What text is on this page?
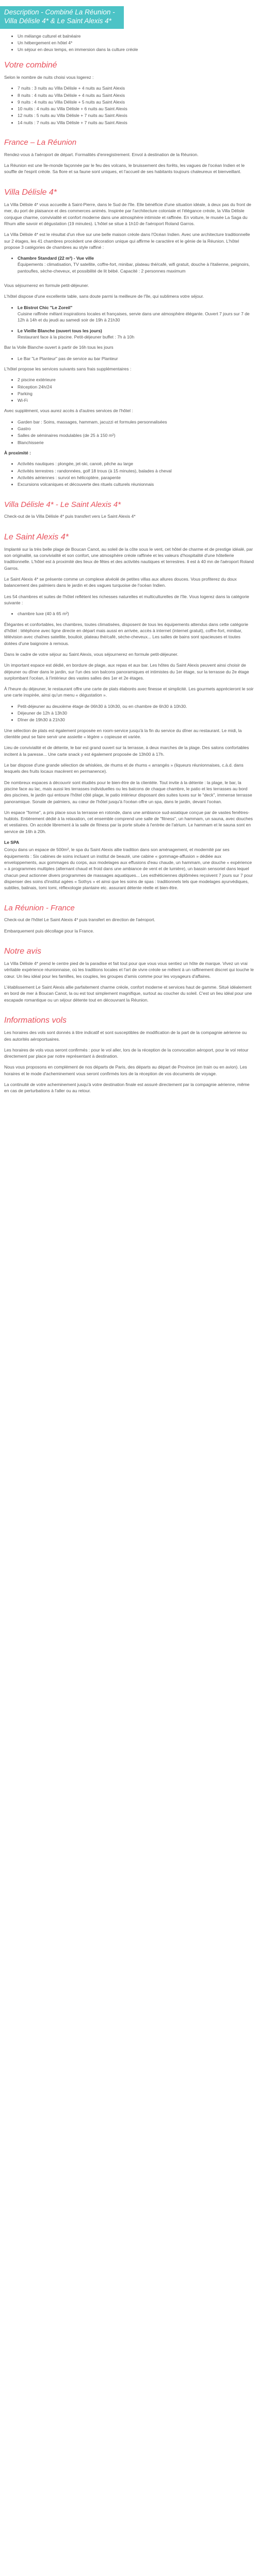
Description - Combiné La Réunion - Villa Délisle 4* & Le Saint Alexis 4*
• Un mélange culturel et balnéaire
• Un hébergement en hôtel 4*
• Un séjour en deux temps, en immersion dans la culture créole
Votre combiné

Selon le nombre de nuits choisi vous logerez :

• 7 nuits : 3 nuits au Villa Délisle + 4 nuits au Saint Alexis
• 8 nuits : 4 nuits au Villa Délisle + 4 nuits au Saint Alexis
• 9 nuits : 4 nuits au Villa Délisle + 5 nuits au Saint Alexis
• 10 nuits : 4 nuits au Villa Délisle + 6 nuits au Saint Alexis
• 12 nuits : 5 nuits au Villa Délisle + 7 nuits au Saint Alexis
• 14 nuits : 7 nuits au Villa Délisle + 7 nuits au Saint Alexis
France – La Réunion

Rendez-vous à l'aéroport de départ. Formalités d'enregistrement. Envol à destination de la Réunion.

La Réunion est une île-monde façonnée par le feu des volcans, le bruissement des forêts, les vagues de l'océan Indien et le souffle de l'esprit créole. Sa flore et sa faune sont uniques, et l'accueil de ses habitants toujours chaleureux et bienveillant.

Villa Délisle 4*

La Villa Délisle 4* vous accueille à Saint-Pierre, dans le Sud de l'île. Elle bénéficie d'une situation idéale, à deux pas du front de mer, du port de plaisance et des commerces animés. Inspirée par l'architecture coloniale et l'élégance créole, la Villa Délisle conjugue charme, convivialité et confort moderne dans une atmosphère intimiste et raffinée. En voiture, le musée La Saga du Rhum allie savoir et dégustation (19 minutes). L'hôtel se situe à 1h10 de l'aéroport Roland Garros.

La Villa Délisle 4* est le résultat d'un rêve sur une belle maison créole dans l'Océan Indien. Avec une architecture traditionnelle sur 2 étages, les 41 chambres procèdent une décoration unique qui affirme le caractère et le génie de la Réunion. L'hôtel propose 3 catégories de chambres au style raffiné :

• Chambre Standard (22 m²) - Vue ville
Équipements : climatisation, TV satellite, coffre-fort, minibar, plateau thé/café, wifi gratuit, douche à l'italienne, peignoirs, pantoufles, sèche-cheveux, et possibilité de lit bébé. Capacité : 2 personnes maximum

Vous séjournerez en formule petit-déjeuner.

L'hôtel dispose d'une excellente table, sans doute parmi la meilleure de l'île, qui sublimera votre séjour.

• Le Bistrot Chic "Le Zoreil"
Cuisine raffinée mêlant inspirations locales et françaises, servie dans une atmosphère élégante. Ouvert 7 jours sur 7 de 12h à 14h et du jeudi au samedi soir de 19h à 21h30
• Le Vieille Blanche (ouvert tous les jours)
Restaurant face à la piscine. Petit-déjeuner buffet : 7h à 10h

Bar la Voile Blanche ouvert à partir de 16h tous les jours

• Le Bar "Le Planteur" pas de service au bar Planteur

L'hôtel propose les services suivants sans frais supplémentaires :

• 2 piscine extérieure
• Réception 24h/24
• Parking
• Wi-Fi

Avec supplément, vous aurez accès à d'autres services de l'hôtel :

• Garden bar : Soins, massages, hammam, jacuzzi et formules personnalisées
• Gastro
• Salles de séminaires modulables (de 25 à 150 m²)
• Blanchisserie

À proximité :

• Activités nautiques : plongée, jet-ski, canoë, pêche au large
• Activités terrestres : randonnées, golf 18 trous (à 15 minutes), balades à cheval
• Activités aériennes : survol en hélicoptère, parapente
• Excursions volcaniques et découverte des rituels culturels réunionnais
Villa Délisle 4* - Le Saint Alexis 4*

Check-out de la Villa Délisle 4* puis transfert vers Le Saint Alexis 4*

Le Saint Alexis 4*

Implanté sur la très belle plage de Boucan Canot, au soleil de la côte sous le vent, cet hôtel de charme et de prestige idéalé, par son originalité, sa convivialité et son confort, une atmosphère créole raffinée et les valeurs d'hospitalité d'une hôtellerie traditionnelle. L'hôtel est à proximité des lieux de fêtes et des activités nautiques et terrestres. Il est à 40 mn de l'aéroport Roland Garros.

Le Saint Alexis 4* se présente comme un complexe alvéolé de petites villas aux allures douces. Vous profiterez du doux balancement des palmiers dans le jardin et des vagues turquoise de l'océan Indien.

Les 54 chambres et suites de l'hôtel reflètent les richesses naturelles et multiculturelles de l'île. Vous logerez dans la catégorie suivante :

• chambre luxe (40 à 65 m²)

Élégantes et confortables, les chambres, toutes climatisées, disposent de tous les équipements attendus dans cette catégorie d'hôtel : téléphone avec ligne directe en départ mais aussi en arrivée, accès à internet (internet gratuit), coffre-fort, minibar, télévision avec chaînes satellite, bouiloir, plateau thé/café, sèche-cheveux... Les salles de bains sont spacieuses et toutes dotées d'une baignoire à remous.

Dans le cadre de votre séjour au Saint Alexis, vous séjournerez en formule petit-déjeuner.

Un important espace est dédié, en bordure de plage, aux repas et aux bar. Les hôtes du Saint Alexis peuvent ainsi choisir de déjeuner ou dîner dans le jardin, sur l'un des son balcons panoramiques et intimistes du 1er étage, sur la terrasse du 2e étage surplombant l'océan, à l'intérieur des vastes salles des 1er et 2e étages.

À l'heure du déjeuner, le restaurant offre une carte de plats élaborés avec finesse et simplicité. Les gourmets apprécieront le soir une carte inspirée, ainsi qu'un menu « dégustation ».

• Petit-déjeuner au deuxième étage de 06h30 à 10h30, ou en chambre de 6h30 à 10h30.
• Déjeuner de 12h à 13h30
• Dîner de 19h30 à 21h30

Une sélection de plats est également proposée en room-service jusqu'à la fin du service du dîner au restaurant. Le midi, la clientèle peut se faire servir une assiette « légère » copieuse et variée.

Lieu de convivialité et de détente, le bar est grand ouvert sur la terrasse, à deux marches de la plage. Des salons confortables incitent à la paresse... Une carte snack y est également proposée de 13h00 à 17h.

Le bar dispose d'une grande sélection de whiskies, de rhums et de rhums « arrangés » (liqueurs réunionnaises, c.à.d. dans lesquels des fruits locaux macèrent en permanence).

De nombreux espaces à découvrir sont étudiés pour le bien-être de la clientèle. Tout invite à la détente : la plage, le bar, la piscine face au lac, mais aussi les terrasses individuelles ou les balcons de chaque chambre, le patio et les terrasses au bord des piscines, le jardin qui entoure l'hôtel côté plage, le patio intérieur disposant des suites luxes sur le "deck", immense terrasse panoramique. Sonate de palmiers, au cœur de l'hôtel jusqu'à l'océan offre un spa, dans le jardin, devant l'océan.

Un espace "forme", a pris place sous la terrasse en rotonde, dans une ambiance sud-asiatique conçue par de vastes fenêtres-hublots. Entièrement dédié à la relaxation, cet ensemble comprend une salle de "fitness", un hammam, un sauna, avec douches et vestiaires. On accède librement à la salle de fitness par la porte située à l'entrée de l'atrium. Le hammam et le sauna sont en service de 16h à 20h.

Le SPA

Conçu dans un espace de 500m², le spa du Saint Alexis allie tradition dans son aménagement, et modernité par ses équipements : Six cabines de soins incluant un institut de beauté, une cabine « gommage-affusion » dédiée aux enveloppements, aux gommages du corps, aux modelages aux effusions d'eau chaude, un hammam, une douche « expérience » à programmes multiples (alternant chaud et froid dans une ambiance de vent et de lumière), un bassin sensoriel dans lequel chacun peut actionner divers programmes de massages aquatiques... Les esthéticiennes diplômées reçoivent 7 jours sur 7 pour dispenser des soins d'institut agées « Sothys » et ainsi que les soins de spas : traditionnels tels que modelages ayurvédiques, subtiles, balinais, tomi tomi, réflexologie plantaire etc. assurant détente réelle et bien-être.

La Réunion - France

Check-out de l'hôtel Le Saint Alexis 4* puis transfert en direction de l'aéroport.

Embarquement puis décollage pour la France.

Notre avis

La Villa Délisle 4* prend le centre pied de la paradise et fait tout pour que vous vous sentiez un hôte de marque. Vivez un vrai véritable expérience réunionnaise, où les traditions locales et l'art de vivre créole se mêlent à un raffinement discret qui touche le cœur. Un lieu idéal pour les familles, les couples, les groupes d'amis comme pour les voyageurs d'affaires.

L'établissement Le Saint Alexis allie parfaitement charme créole, confort moderne et services haut de gamme. Situé idéalement en bord de mer à Boucan Canot, la ou est tout simplement magnifique, surtout au coucher du soleil. C'est un lieu idéal pour une escapade romantique ou un séjour détente tout en découvrant la Réunion.

Informations vols

Les horaires des vols sont donnés à titre indicatif et sont susceptibles de modification de la part de la compagnie aérienne ou des autorités aéroportuaires.

Les horaires de vols vous seront confirmés : pour le vol aller, lors de la réception de la convocation aéroport, pour le vol retour directement par place par notre représentant à destination.

Nous vous proposons en complément de nos départs de Paris, des départs au départ de Province (en train ou en avion). Les horaires et le mode d'acheminement vous seront confirmés lors de la réception de vos documents de voyage.

La continuité de votre acheminement jusqu'à votre destination finale est assuré directement par la compagnie aérienne, même en cas de perturbations à l'aller ou au retour.
